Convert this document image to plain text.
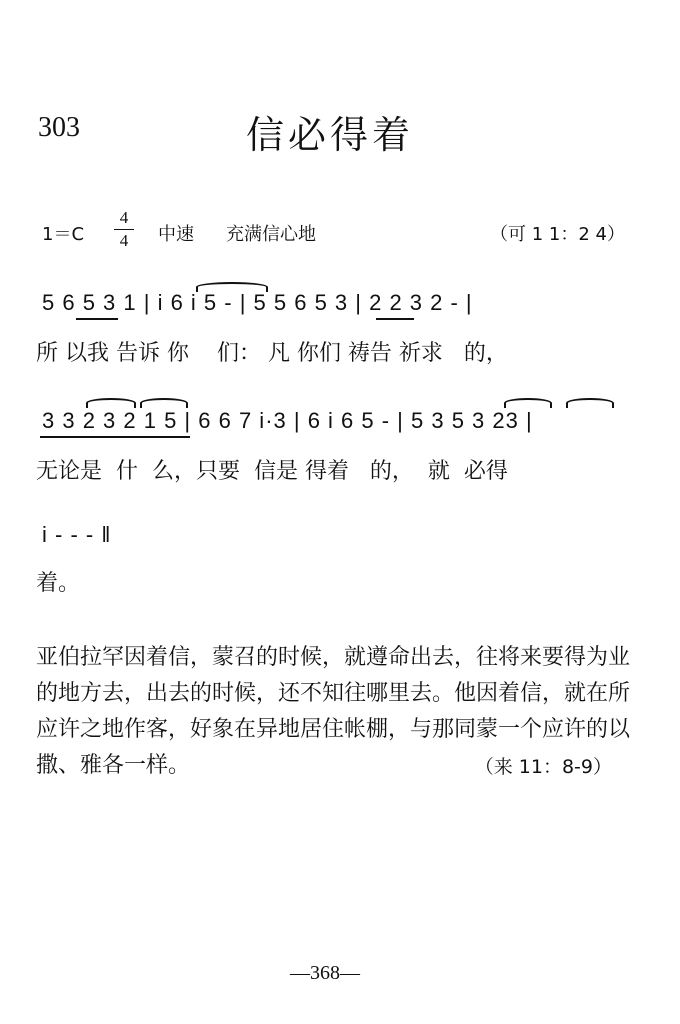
303	信必得着
1＝C
4
4	中速 充满信心地	（可 1 1：2 4）
5 6 5 3 1 | i 6 i 5 - | 5 5 6 5 3 | 2 2 3 2 - |
所 以我 告诉 你    们： 凡 你们 祷告 祈求   的，
3 3 2 3 2 1 5 | 6 6 7 i·3 | 6 i 6 5 - | 5 3 5 3 23 |
无论是  什  么，只要  信是 得着   的，  就  必得
i - - - ‖
着。
亚伯拉罕因着信，蒙召的时候，就遵命出去，往将来要得为业的地方去，出去的时候，还不知往哪里去。他因着信，就在所应许之地作客，好象在异地居住帐棚，与那同蒙一个应许的以撒、雅各一样。	（来 11：8-9）
—368—
